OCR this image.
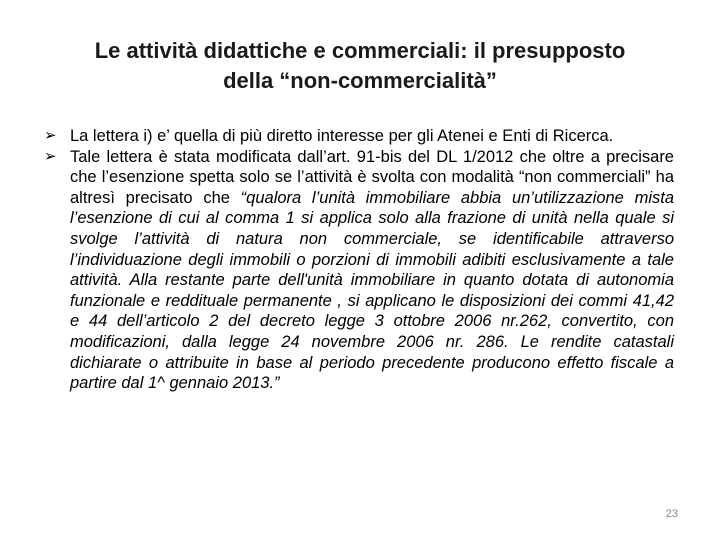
Le attività didattiche e commerciali: il presupposto
della “non-commercialità”
➢ La lettera i) e’ quella di più diretto interesse per gli Atenei e Enti di Ricerca.
➢ Tale lettera è stata modificata dall’art. 91-bis del DL 1/2012 che oltre a precisare che l’esenzione spetta solo se l’attività è svolta con modalità “non commerciali” ha altresì precisato che “qualora l’unità immobiliare abbia un’utilizzazione mista l’esenzione di cui al comma 1 si applica solo alla frazione di unità nella quale si svolge l’attività di natura non commerciale, se identificabile attraverso l’individuazione degli immobili o porzioni di immobili adibiti esclusivamente a tale attività. Alla restante parte dell'unità immobiliare in quanto dotata di autonomia funzionale e reddituale permanente , si applicano le disposizioni dei commi 41,42 e 44 dell’articolo 2 del decreto legge 3 ottobre 2006 nr.262, convertito, con modificazioni, dalla legge 24 novembre 2006 nr. 286. Le rendite catastali dichiarate o attribuite in base al periodo precedente producono effetto fiscale a partire dal 1^ gennaio 2013.”
23
